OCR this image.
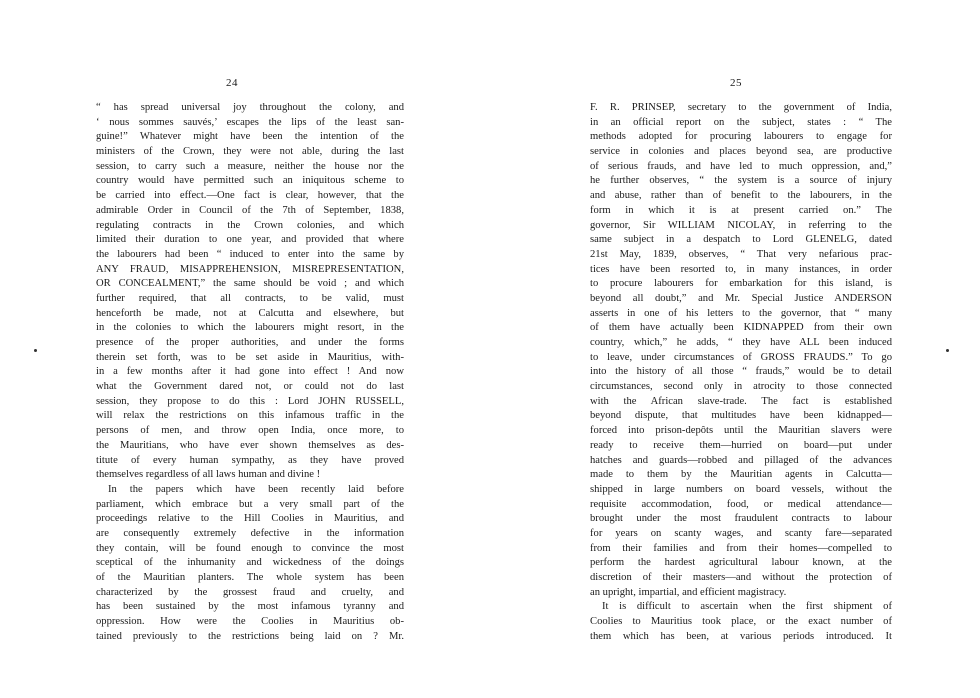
24
“ has spread universal joy throughout the colony, and
‘ nous sommes sauvés,’ escapes the lips of the least san-
guine!” Whatever might have been the intention of the
ministers of the Crown, they were not able, during the last
session, to carry such a measure, neither the house nor the
country would have permitted such an iniquitous scheme to
be carried into effect.—One fact is clear, however, that the
admirable Order in Council of the 7th of September, 1838,
regulating contracts in the Crown colonies, and which
limited their duration to one year, and provided that where
the labourers had been “ induced to enter into the same by
ANY FRAUD, MISAPPREHENSION, MISREPRESENTATION,
OR CONCEALMENT,” the same should be void ; and which
further required, that all contracts, to be valid, must
henceforth be made, not at Calcutta and elsewhere, but
in the colonies to which the labourers might resort, in the
presence of the proper authorities, and under the forms
therein set forth, was to be set aside in Mauritius, with-
in a few months after it had gone into effect ! And now
what the Government dared not, or could not do last
session, they propose to do this : Lord JOHN RUSSELL,
will relax the restrictions on this infamous traffic in the
persons of men, and throw open India, once more, to
the Mauritians, who have ever shown themselves as des-
titute of every human sympathy, as they have proved
themselves regardless of all laws human and divine !
In the papers which have been recently laid before
parliament, which embrace but a very small part of the
proceedings relative to the Hill Coolies in Mauritius, and
are consequently extremely defective in the information
they contain, will be found enough to convince the most
sceptical of the inhumanity and wickedness of the doings
of the Mauritian planters. The whole system has been
characterized by the grossest fraud and cruelty, and
has been sustained by the most infamous tyranny and
oppression. How were the Coolies in Mauritius ob-
tained previously to the restrictions being laid on ? Mr.
25
F. R. PRINSEP, secretary to the government of India,
in an official report on the subject, states : “ The
methods adopted for procuring labourers to engage for
service in colonies and places beyond sea, are productive
of serious frauds, and have led to much oppression, and,”
he further observes, “ the system is a source of injury
and abuse, rather than of benefit to the labourers, in the
form in which it is at present carried on.” The
governor, Sir WILLIAM NICOLAY, in referring to the
same subject in a despatch to Lord GLENELG, dated
21st May, 1839, observes, “ That very nefarious prac-
tices have been resorted to, in many instances, in order
to procure labourers for embarkation for this island, is
beyond all doubt,” and Mr. Special Justice ANDERSON
asserts in one of his letters to the governor, that “ many
of them have actually been KIDNAPPED from their own
country, which,” he adds, “ they have ALL been induced
to leave, under circumstances of GROSS FRAUDS.” To go
into the history of all those “ frauds,” would be to detail
circumstances, second only in atrocity to those connected
with the African slave-trade. The fact is established
beyond dispute, that multitudes have been kidnapped—
forced into prison-depôts until the Mauritian slavers were
ready to receive them—hurried on board—put under
hatches and guards—robbed and pillaged of the advances
made to them by the Mauritian agents in Calcutta—
shipped in large numbers on board vessels, without the
requisite accommodation, food, or medical attendance—
brought under the most fraudulent contracts to labour
for years on scanty wages, and scanty fare—separated
from their families and from their homes—compelled to
perform the hardest agricultural labour known, at the
discretion of their masters—and without the protection of
an upright, impartial, and efficient magistracy.
It is difficult to ascertain when the first shipment of
Coolies to Mauritius took place, or the exact number of
them which has been, at various periods introduced. It
